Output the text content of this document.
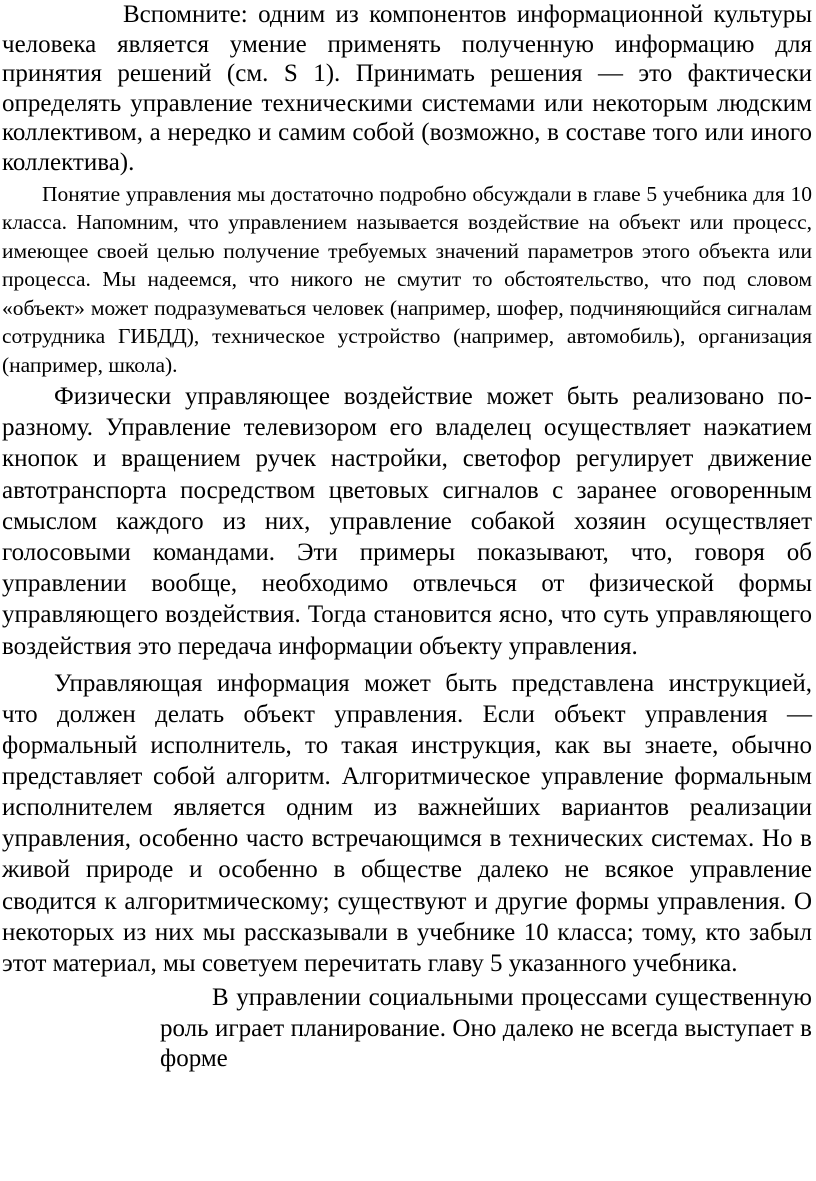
Вспомните: одним из компонентов информационной культуры человека является умение применять полученную информацию для принятия решений (см. S 1). Принимать решения — это фактически определять управление техническими системами или некоторым людским коллективом, а нередко и самим собой (возможно, в составе того или иного коллектива).

Понятие управления мы достаточно подробно обсуждали в главе 5 учебника для 10 класса. Напомним, что управлением называется воздействие на объект или процесс, имеющее своей целью получение требуемых значений параметров этого объекта или процесса. Мы надеемся, что никого не смутит то обстоятельство, что под словом «объект» может подразумеваться человек (например, шофер, подчиняющийся сигналам сотрудника ГИБДД), техническое устройство (например, автомобиль), организация (например, школа).

Физически управляющее воздействие может быть реализовано по-разному. Управление телевизором его владелец осуществляет наэкатием кнопок и вращением ручек настройки, светофор регулирует движение автотранспорта посредством цветовых сигналов с заранее оговоренным смыслом каждого из них, управление собакой хозяин осуществляет голосовыми командами. Эти примеры показывают, что, говоря об управлении вообще, необходимо отвлечься от физической формы управляющего воздействия. Тогда становится ясно, что суть управляющего воздействия это передача информации объекту управления.

Управляющая информация может быть представлена инструкцией, что должен делать объект управления. Если объект управления — формальный исполнитель, то такая инструкция, как вы знаете, обычно представляет собой алгоритм. Алгоритмическое управление формальным исполнителем является одним из важнейших вариантов реализации управления, особенно часто встречающимся в технических системах. Но в живой природе и особенно в обществе далеко не всякое управление сводится к алгоритмическому; существуют и другие формы управления. О некоторых из них мы рассказывали в учебнике 10 класса; тому, кто забыл этот материал, мы советуем перечитать главу 5 указанного учебника.

В управлении социальными процессами существенную роль играет планирование. Оно далеко не всегда выступает в форме
